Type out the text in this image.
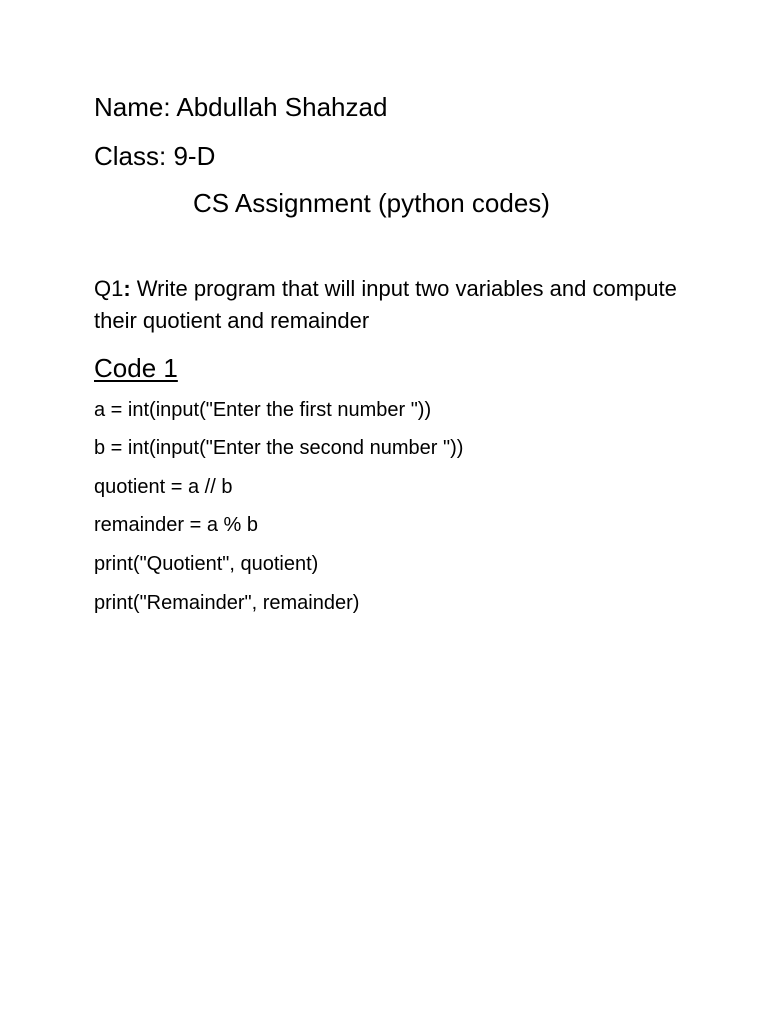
Name: Abdullah Shahzad

Class: 9-D

CS Assignment (python codes)

Q1: Write program that will input two variables and compute their quotient and remainder

Code 1

a = int(input("Enter the first number "))

b = int(input("Enter the second number "))

quotient = a // b

remainder = a % b

print("Quotient", quotient)

print("Remainder", remainder)
